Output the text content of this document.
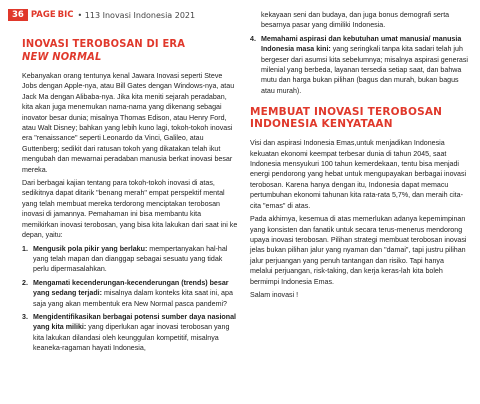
36 PAGE BIC • 113 Inovasi Indonesia 2021
INOVASI TEROBOSAN DI ERA
NEW NORMAL

Kebanyakan orang tentunya kenal Jawara Inovasi seperti Steve Jobs dengan Apple-nya, atau Bill Gates dengan Windows-nya, atau Jack Ma dengan Alibaba-nya. Jika kita meniti sejarah peradaban, kita akan juga menemukan nama-nama yang dikenang sebagai inovator besar dunia; misalnya Thomas Edison, atau Henry Ford, atau Walt Disney; bahkan yang lebih kuno lagi, tokoh-tokoh inovasi era "renaissance" seperti Leonardo da Vinci, Galileo, atau Guttenberg; sedikit dari ratusan tokoh yang dikatakan telah ikut mengubah dan mewarnai peradaban manusia berkat inovasi besar mereka.

Dari berbagai kajian tentang para tokoh-tokoh inovasi di atas, sedikitnya dapat ditarik "benang merah" empat perspektif mental yang telah membuat mereka terdorong menciptakan terobosan inovasi di jamannya. Pemahaman ini bisa membantu kita memikirkan inovasi terobosan, yang bisa kita lakukan dari saat ini ke depan, yaitu:

1. Mengusik pola pikir yang berlaku: mempertanyakan hal-hal yang telah mapan dan dianggap sebagai sesuatu yang tidak perlu dipermasalahkan.
2. Mengamati kecenderungan-kecenderungan (trends) besar yang sedang terjadi: misalnya dalam konteks kita saat ini, apa saja yang akan membentuk era New Normal pasca pandemi?
3. Mengidentifikasikan berbagai potensi sumber daya nasional yang kita miliki: yang diperlukan agar inovasi terobosan yang kita lakukan dilandasi oleh keunggulan kompetitif, misalnya keaneka-ragaman hayati Indonesia,

kekayaan seni dan budaya, dan juga bonus demografi serta besarnya pasar yang dimiliki Indonesia.

4. Memahami aspirasi dan kebutuhan umat manusia/ manusia Indonesia masa kini: yang seringkali tanpa kita sadari telah juh bergeser dari asumsi kita sebelumnya; misalnya aspirasi generasi milenial yang berbeda, layanan tersedia setiap saat, dan bahwa mutu dan harga bukan pilihan (bagus dan murah, bukan bagus atau murah).
MEMBUAT INOVASI TEROBOSAN
INDONESIA KENYATAAN

Visi dan aspirasi Indonesia Emas,untuk menjadikan Indonesia kekuatan ekonomi keempat terbesar dunia di tahun 2045, saat Indonesia mensyukuri 100 tahun kemerdekaan, tentu bisa menjadi energi pendorong yang hebat untuk mengupayakan berbagai inovasi terobosan. Karena hanya dengan itu, Indonesia dapat memacu pertumbuhan ekonomi tahunan kita rata-rata 5,7%, dan meraih cita-cita "emas" di atas.

Pada akhirnya, kesemua di atas memerlukan adanya kepemimpinan yang konsisten dan fanatik untuk secara terus-menerus mendorong upaya inovasi terobosan. Pilihan strategi membuat terobosan inovasi jelas bukan pilihan jalur yang nyaman dan "damai", tapi justru pilihan jalur perjuangan yang penuh tantangan dan risiko. Tapi hanya melalui perjuangan, risk-taking, dan kerja keras-lah kita boleh bermimpi Indonesia Emas.

Salam inovasi !
